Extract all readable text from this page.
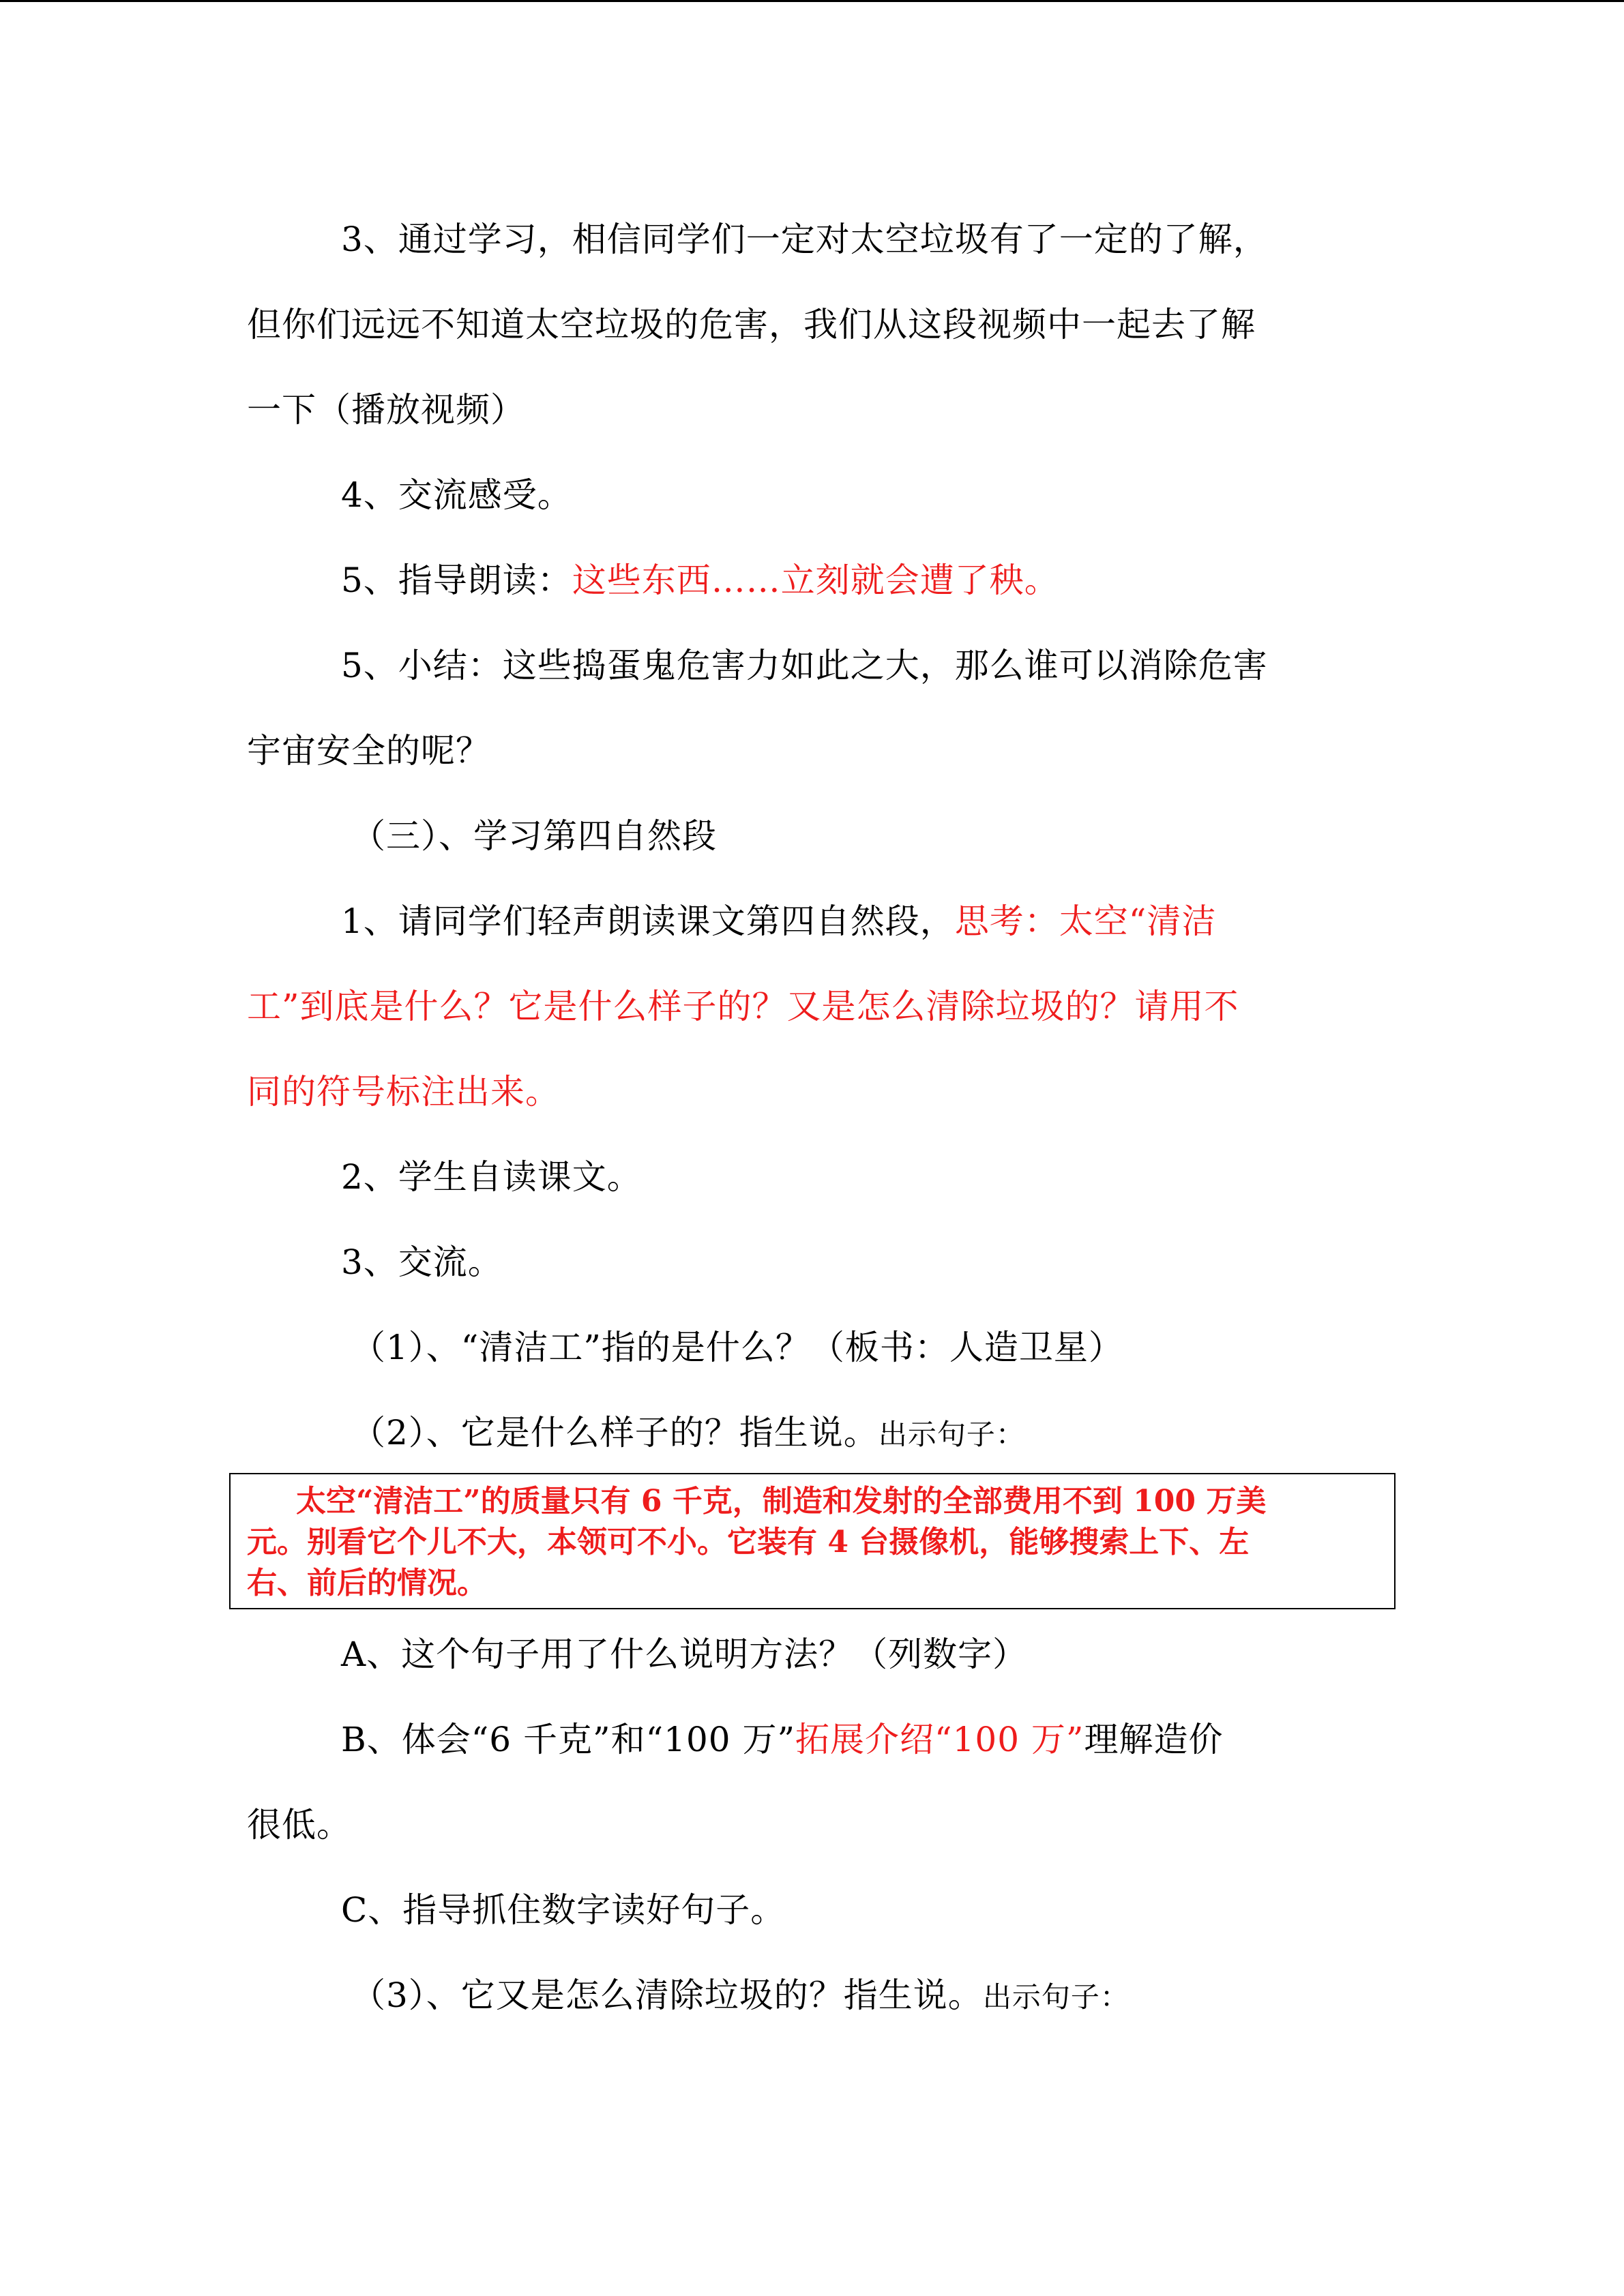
3、通过学习，相信同学们一定对太空垃圾有了一定的了解，
但你们远远不知道太空垃圾的危害，我们从这段视频中一起去了解
一下（播放视频）
4、交流感受。
5、指导朗读：这些东西……立刻就会遭了秧。
5、小结：这些捣蛋鬼危害力如此之大，那么谁可以消除危害
宇宙安全的呢？
（三）、学习第四自然段
1、请同学们轻声朗读课文第四自然段，思考：太空“清洁
工”到底是什么？它是什么样子的？又是怎么清除垃圾的？请用不
同的符号标注出来。
2、学生自读课文。
3、交流。
（1）、“清洁工”指的是什么？（板书：人造卫星）
（2）、它是什么样子的？指生说。出示句子：
太空“清洁工”的质量只有 6 千克，制造和发射的全部费用不到 100 万美
元。别看它个儿不大，本领可不小。它装有 4 台摄像机，能够搜索上下、左
右、前后的情况。
A、这个句子用了什么说明方法？（列数字）
B、体会“6 千克”和“100 万”拓展介绍“100 万”理解造价
很低。
C、指导抓住数字读好句子。
（3）、它又是怎么清除垃圾的？指生说。出示句子：
